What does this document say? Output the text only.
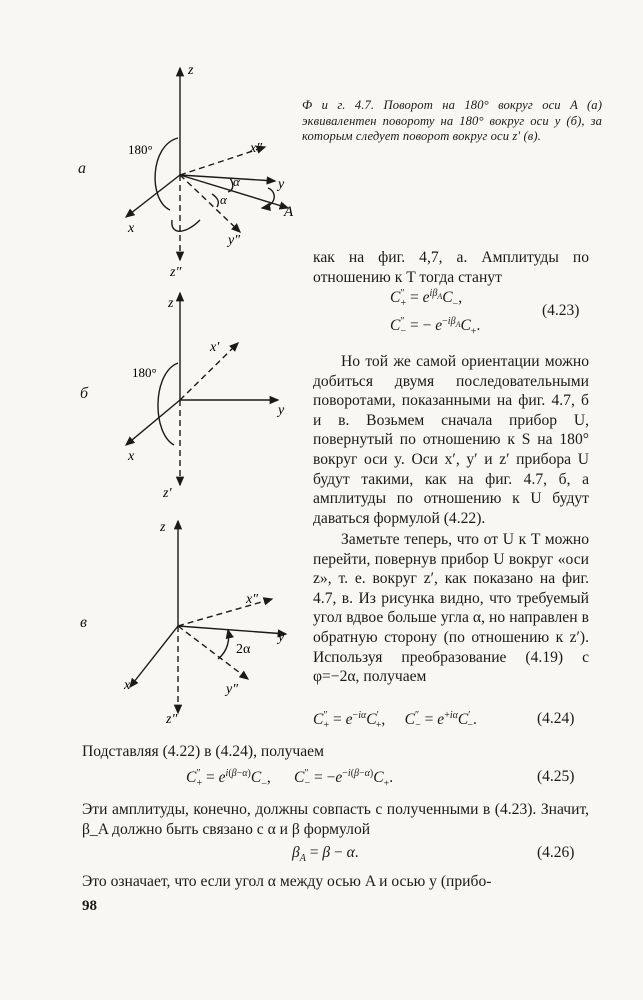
а
z
z″
x
x″
y
y″
A
180°
α
α
Ф и г. 4.7. Поворот на 180° вокруг оси A (a) эквивалентен повороту на 180° вокруг оси y (б), за которым следует поворот вокруг оси z′ (в).
б
z
z′
x
x′
y
180°
в
z
z″
x
x″
y
y″
2α
как на фиг. 4,7, а. Амплитуды по отношению к T тогда станут
$C''_+ = e^{i\beta_A}C_-$,
$C''_-$ = − $e^{-i\beta_A}C_+$.
(4.23)
Но той же самой ориентации можно добиться двумя последовательными поворотами, показанными на фиг. 4.7, б и в. Возьмем сначала прибор U, повернутый по отношению к S на 180° вокруг оси y. Оси x′, y′ и z′ прибора U будут такими, как на фиг. 4.7, б, а амплитуды по отношению к U будут даваться формулой (4.22).
Заметьте теперь, что от U к T можно перейти, повернув прибор U вокруг «оси z», т. е. вокруг z′, как показано на фиг. 4.7, в. Из рисунка видно, что требуемый угол вдвое больше угла α, но направлен в обратную сторону (по отношению к z′). Используя преобразование (4.19) с φ=−2α, получаем
$C''_+ = e^{-i\alpha}C'_+$,     $C''_- = e^{+i\alpha}C'_-$.	(4.24)
Подставляя (4.22) в (4.24), получаем
$C''_+ = e^{i(\beta-\alpha)}C_-$,      $C''_- = -e^{-i(\beta-\alpha)}C_+$.	(4.25)
Эти амплитуды, конечно, должны совпасть с полученными в (4.23). Значит, β_A должно быть связано с α и β формулой
$\beta_A = \beta - \alpha$.	(4.26)
Это означает, что если угол α между осью A и осью y (прибо-
98
